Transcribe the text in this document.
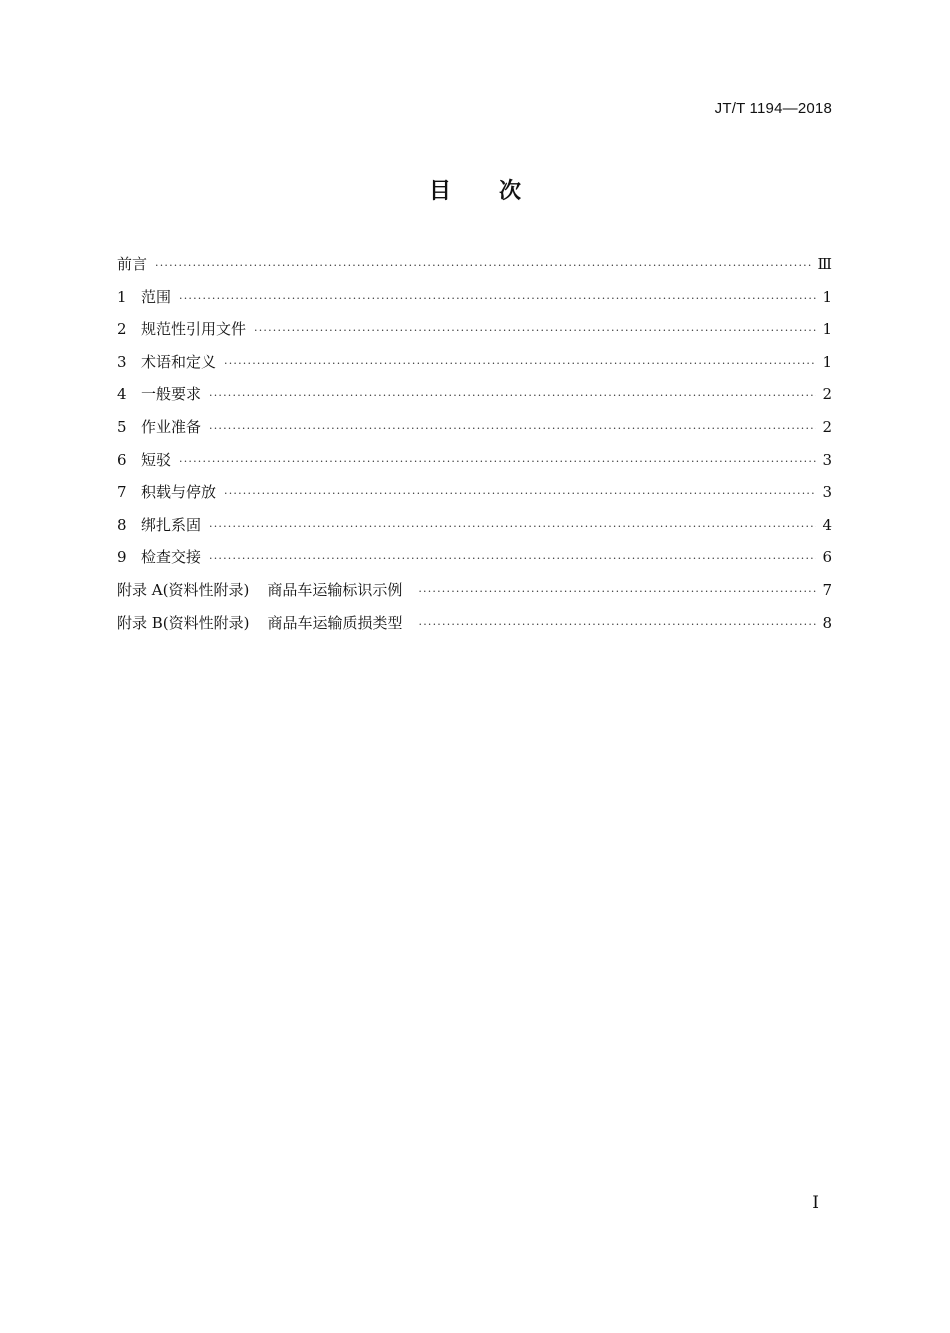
JT/T 1194—2018
目 次
前言 ·····	Ⅲ
1 范围 ·····	1
2 规范性引用文件 ·····	1
3 术语和定义 ·····	1
4 一般要求 ·····	2
5 作业准备 ·····	2
6 短驳 ·····	3
7 积载与停放 ·····	3
8 绑扎系固 ·····	4
9 检查交接 ·····	6
附录 A(资料性附录) 商品车运输标识示例 ·····	7
附录 B(资料性附录) 商品车运输质损类型 ·····	8
I
